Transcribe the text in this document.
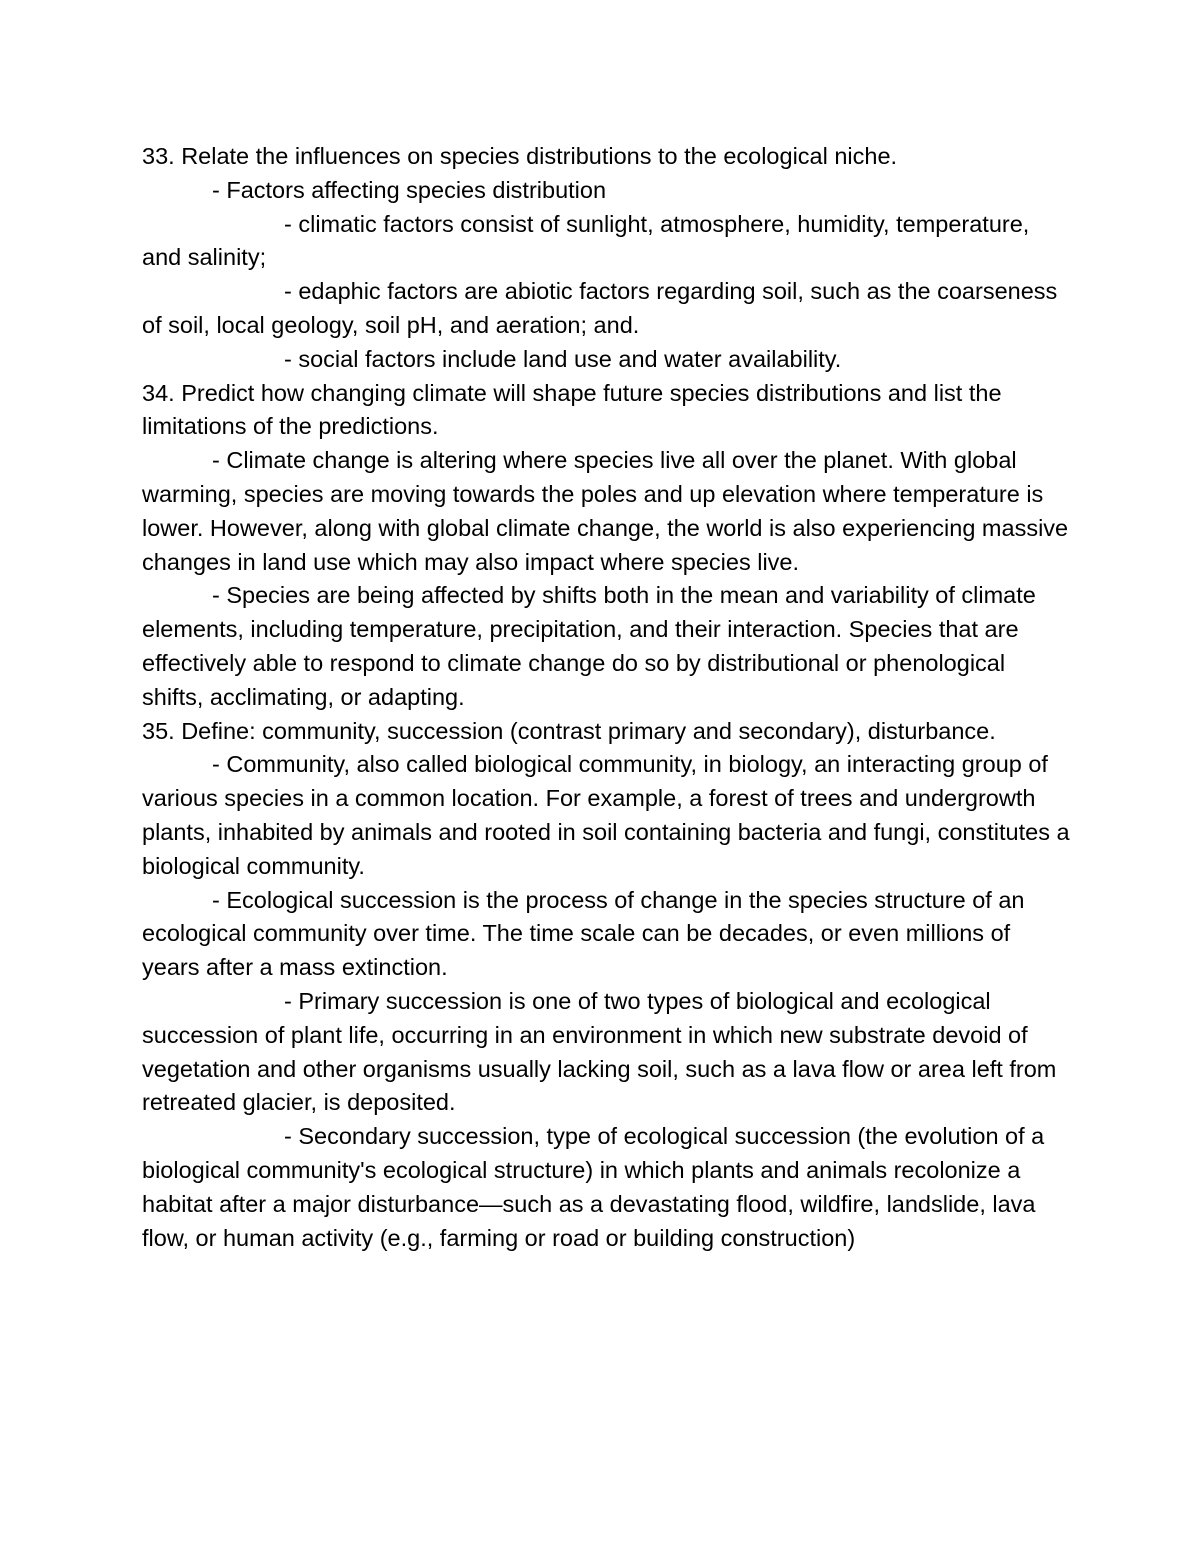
33. Relate the influences on species distributions to the ecological niche.

- Factors affecting species distribution

- climatic factors consist of sunlight, atmosphere, humidity, temperature, and salinity;

- edaphic factors are abiotic factors regarding soil, such as the coarseness of soil, local geology, soil pH, and aeration; and.

- social factors include land use and water availability.

34. Predict how changing climate will shape future species distributions and list the limitations of the predictions.

- Climate change is altering where species live all over the planet. With global warming, species are moving towards the poles and up elevation where temperature is lower. However, along with global climate change, the world is also experiencing massive changes in land use which may also impact where species live.

- Species are being affected by shifts both in the mean and variability of climate elements, including temperature, precipitation, and their interaction. Species that are effectively able to respond to climate change do so by distributional or phenological shifts, acclimating, or adapting.

35. Define: community, succession (contrast primary and secondary), disturbance.

- Community, also called biological community, in biology, an interacting group of various species in a common location. For example, a forest of trees and undergrowth plants, inhabited by animals and rooted in soil containing bacteria and fungi, constitutes a biological community.

- Ecological succession is the process of change in the species structure of an ecological community over time. The time scale can be decades, or even millions of years after a mass extinction.

- Primary succession is one of two types of biological and ecological succession of plant life, occurring in an environment in which new substrate devoid of vegetation and other organisms usually lacking soil, such as a lava flow or area left from retreated glacier, is deposited.

- Secondary succession, type of ecological succession (the evolution of a biological community's ecological structure) in which plants and animals recolonize a habitat after a major disturbance—such as a devastating flood, wildfire, landslide, lava flow, or human activity (e.g., farming or road or building construction)
